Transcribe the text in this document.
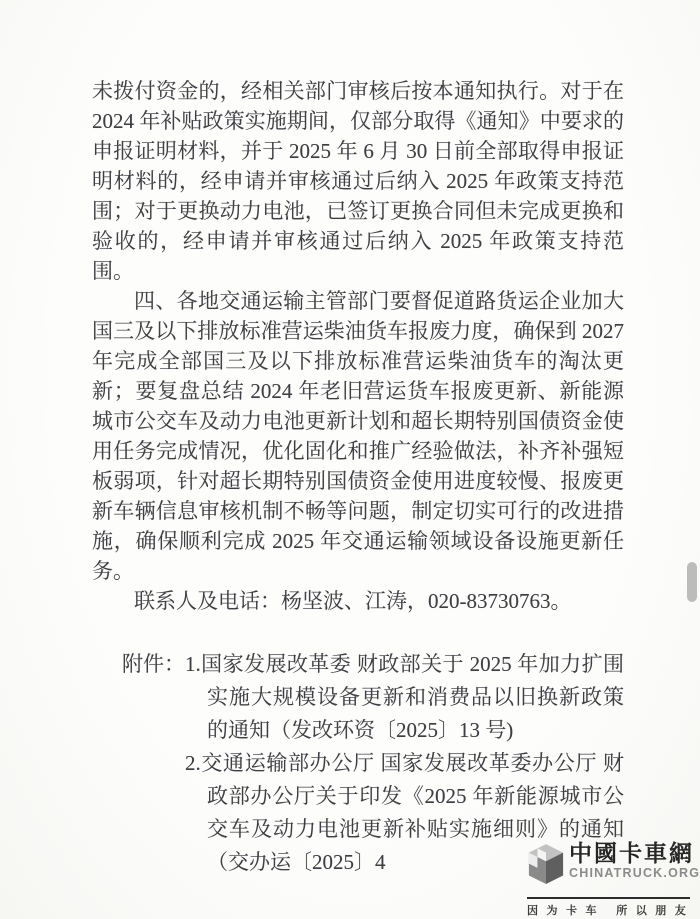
未拨付资金的，经相关部门审核后按本通知执行。对于在 2024 年补贴政策实施期间，仅部分取得《通知》中要求的申报证明材料，并于 2025 年 6 月 30 日前全部取得申报证明材料的，经申请并审核通过后纳入 2025 年政策支持范围；对于更换动力电池，已签订更换合同但未完成更换和验收的，经申请并审核通过后纳入 2025 年政策支持范围。

四、各地交通运输主管部门要督促道路货运企业加大国三及以下排放标准营运柴油货车报废力度，确保到 2027 年完成全部国三及以下排放标准营运柴油货车的淘汰更新；要复盘总结 2024 年老旧营运货车报废更新、新能源城市公交车及动力电池更新计划和超长期特别国债资金使用任务完成情况，优化固化和推广经验做法，补齐补强短板弱项，针对超长期特别国债资金使用进度较慢、报废更新车辆信息审核机制不畅等问题，制定切实可行的改进措施，确保顺利完成 2025 年交通运输领域设备设施更新任务。

联系人及电话：杨坚波、江涛，020-83730763。

附件： 1.国家发展改革委 财政部关于 2025 年加力扩围实施大规模设备更新和消费品以旧换新政策的通知（发改环资〔2025〕13 号)
2.交通运输部办公厅 国家发展改革委办公厅 财政部办公厅关于印发《2025 年新能源城市公交车及动力电池更新补贴实施细则》的通知（交办运〔2025〕4	中國卡車網
CHINATRUCK.ORG
因为卡车 所以朋友
